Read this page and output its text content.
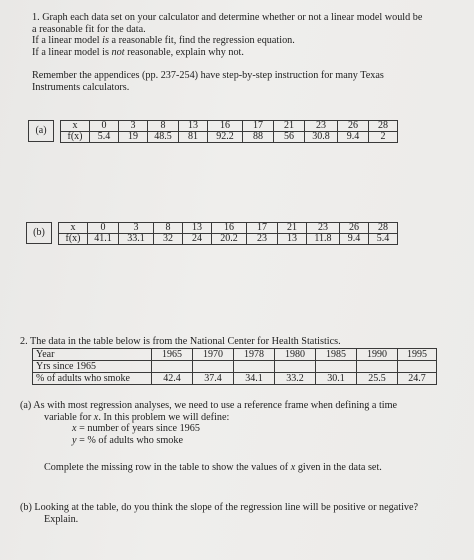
1. Graph each data set on your calculator and determine whether or not a linear model would be

a reasonable fit for the data.

If a linear model is a reasonable fit, find the regression equation.

If a linear model is not reasonable, explain why not.

Remember the appendices (pp. 237-254) have step-by-step instruction for many Texas

Instruments calculators.

(a)	x	0	3	8	13	16	17	21	23	26	28
f(x)	5.4	19	48.5	81	92.2	88	56	30.8	9.4	2
(b)	x	0	3	8	13	16	17	21	23	26	28
f(x)	41.1	33.1	32	24	20.2	23	13	11.8	9.4	5.4

2. The data in the table below is from the National Center for Health Statistics.

Year	1965	1970	1978	1980	1985	1990	1995
Yrs since 1965							
% of adults who smoke	42.4	37.4	34.1	33.2	30.1	25.5	24.7

(a) As with most regression analyses, we need to use a reference frame when defining a time

variable for x. In this problem we will define:

x = number of years since 1965

y = % of adults who smoke

Complete the missing row in the table to show the values of x given in the data set.

(b) Looking at the table, do you think the slope of the regression line will be positive or negative?

Explain.
